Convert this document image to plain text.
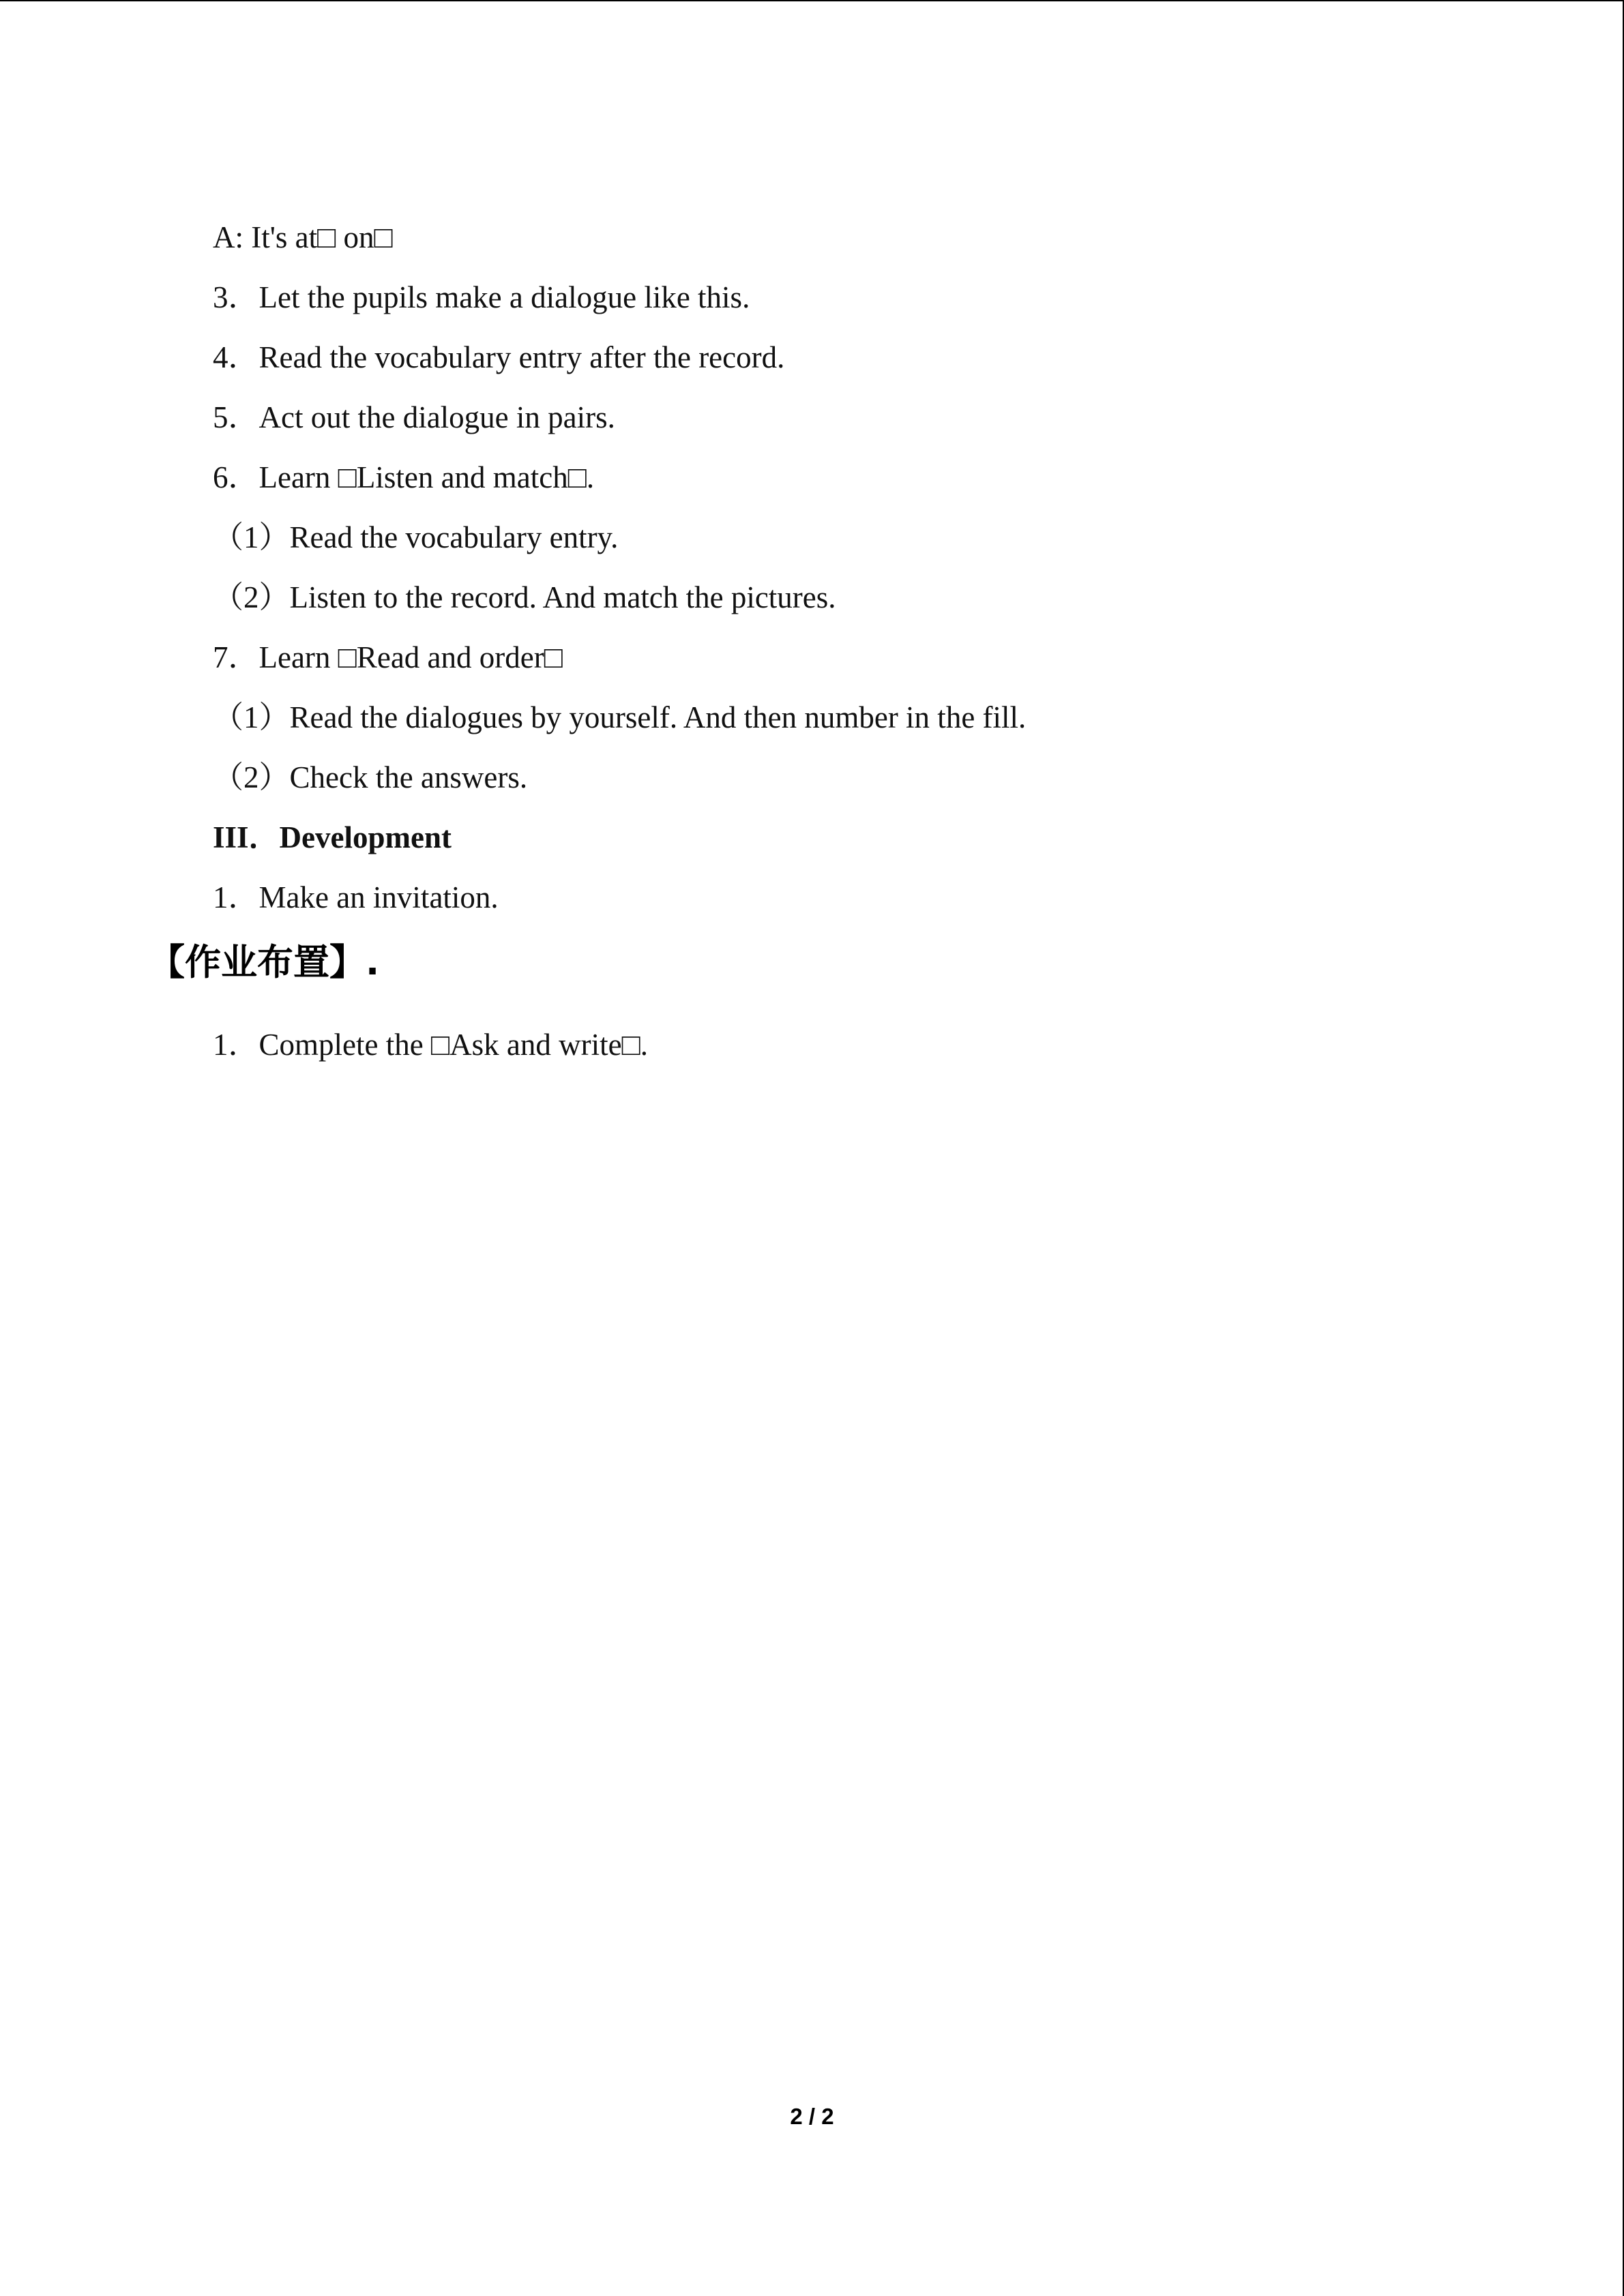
A: It's at□ on□

3．Let the pupils make a dialogue like this.

4．Read the vocabulary entry after the record.

5．Act out the dialogue in pairs.

6．Learn □Listen and match□.

（1）Read the vocabulary entry.

（2）Listen to the record. And match the pictures.

7．Learn □Read and order□

（1）Read the dialogues by yourself. And then number in the fill.

（2）Check the answers.

III．Development

1．Make an invitation.

【作业布置】.

1．Complete the □Ask and write□.

2 / 2
